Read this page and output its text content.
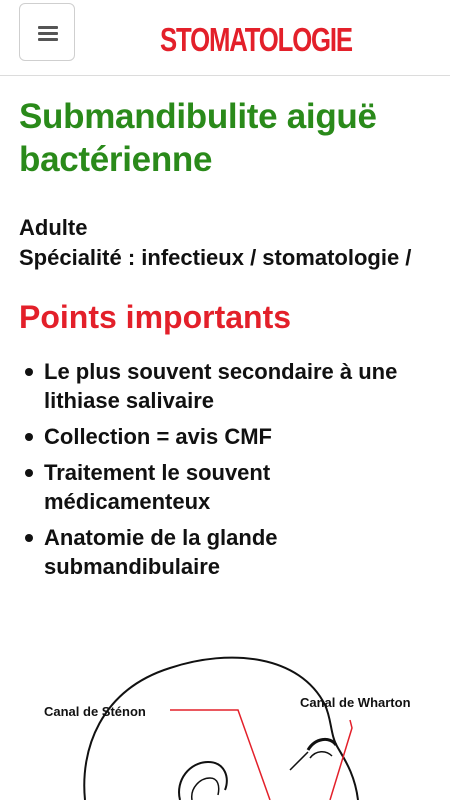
STOMATOLOGIE
Submandibulite aiguë bactérienne
Adulte
Spécialité : infectieux / stomatologie /
Points importants
Le plus souvent secondaire à une lithiase salivaire
Collection = avis CMF
Traitement le souvent médicamenteux
Anatomie de la glande submandibulaire
Canal de Sténon
Canal de Wharton
